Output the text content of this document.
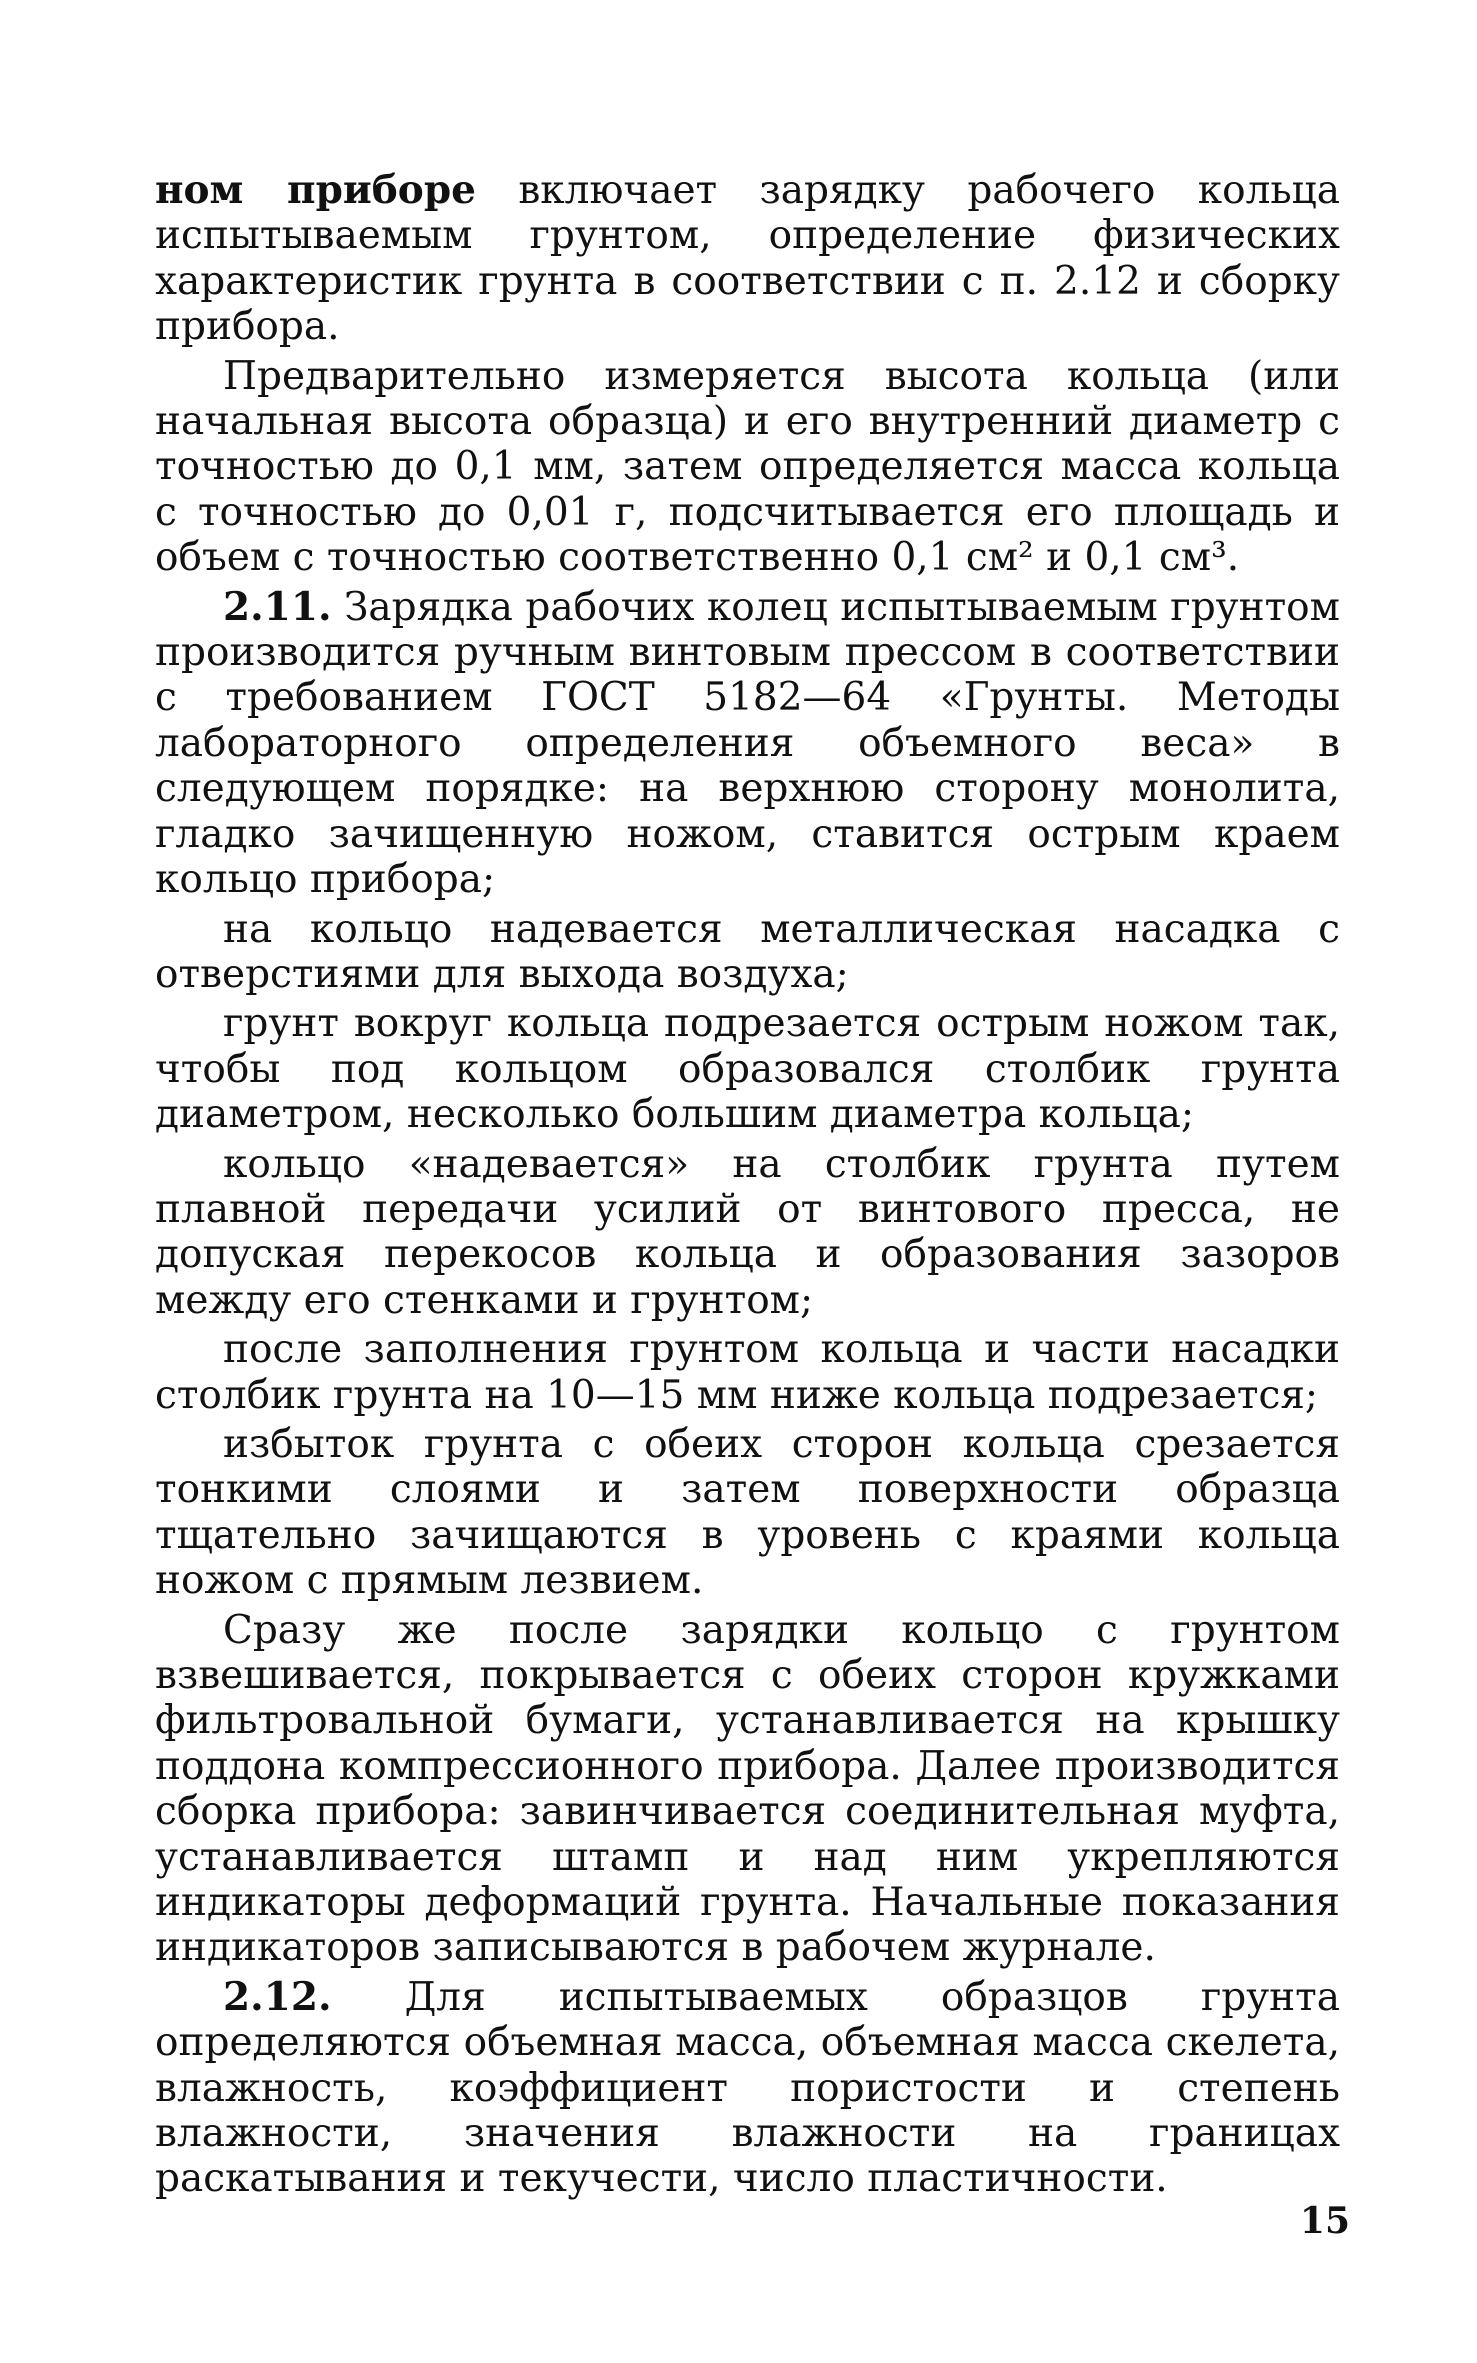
ном приборе включает зарядку рабочего кольца испытываемым грунтом, определение физических характеристик грунта в соответствии с п. 2.12 и сборку прибора.

Предварительно измеряется высота кольца (или начальная высота образца) и его внутренний диаметр с точностью до 0,1 мм, затем определяется масса кольца с точностью до 0,01 г, подсчитывается его площадь и объем с точностью соответственно 0,1 см² и 0,1 см³.

2.11. Зарядка рабочих колец испытываемым грунтом производится ручным винтовым прессом в соответствии с требованием ГОСТ 5182—64 «Грунты. Методы лабораторного определения объемного веса» в следующем порядке: на верхнюю сторону монолита, гладко зачищенную ножом, ставится острым краем кольцо прибора;

на кольцо надевается металлическая насадка с отверстиями для выхода воздуха;

грунт вокруг кольца подрезается острым ножом так, чтобы под кольцом образовался столбик грунта диаметром, несколько большим диаметра кольца;

кольцо «надевается» на столбик грунта путем плавной передачи усилий от винтового пресса, не допуская перекосов кольца и образования зазоров между его стенками и грунтом;

после заполнения грунтом кольца и части насадки столбик грунта на 10—15 мм ниже кольца подрезается;

избыток грунта с обеих сторон кольца срезается тонкими слоями и затем поверхности образца тщательно зачищаются в уровень с краями кольца ножом с прямым лезвием.

Сразу же после зарядки кольцо с грунтом взвешивается, покрывается с обеих сторон кружками фильтровальной бумаги, устанавливается на крышку поддона компрессионного прибора. Далее производится сборка прибора: завинчивается соединительная муфта, устанавливается штамп и над ним укрепляются индикаторы деформаций грунта. Начальные показания индикаторов записываются в рабочем журнале.

2.12. Для испытываемых образцов грунта определяются объемная масса, объемная масса скелета, влажность, коэффициент пористости и степень влажности, значения влажности на границах раскатывания и текучести, число пластичности.

15
